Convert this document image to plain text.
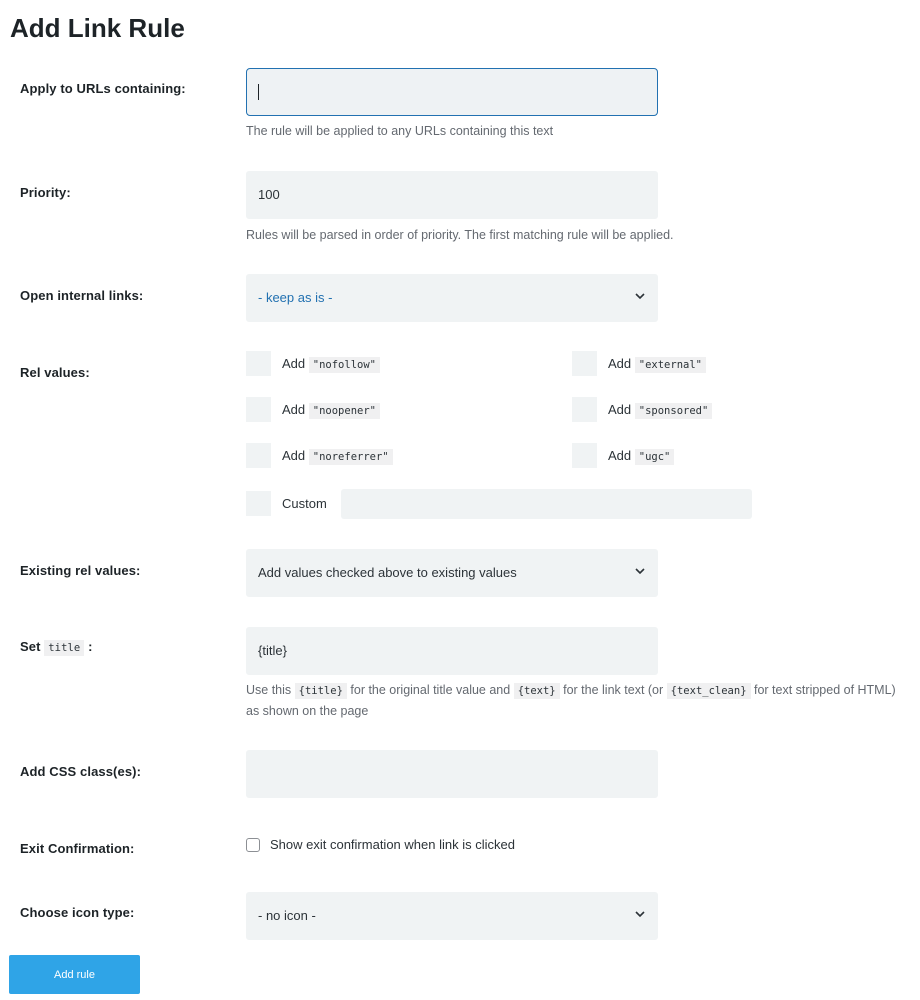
Add Link Rule
Apply to URLs containing:
The rule will be applied to any URLs containing this text
Priority:	100
Rules will be parsed in order of priority. The first matching rule will be applied.
Open internal links:	- keep as is -
Rel values:
Add "nofollow"	Add "external"
Add "noopener"	Add "sponsored"
Add "noreferrer"	Add "ugc"
Custom
Existing rel values:	Add values checked above to existing values
Set title :	{title}
Use this {title} for the original title value and {text} for the link text (or {text_clean} for text stripped of HTML) as shown on the page
Add CSS class(es):
Exit Confirmation:	Show exit confirmation when link is clicked
Choose icon type:	- no icon -
Add rule
